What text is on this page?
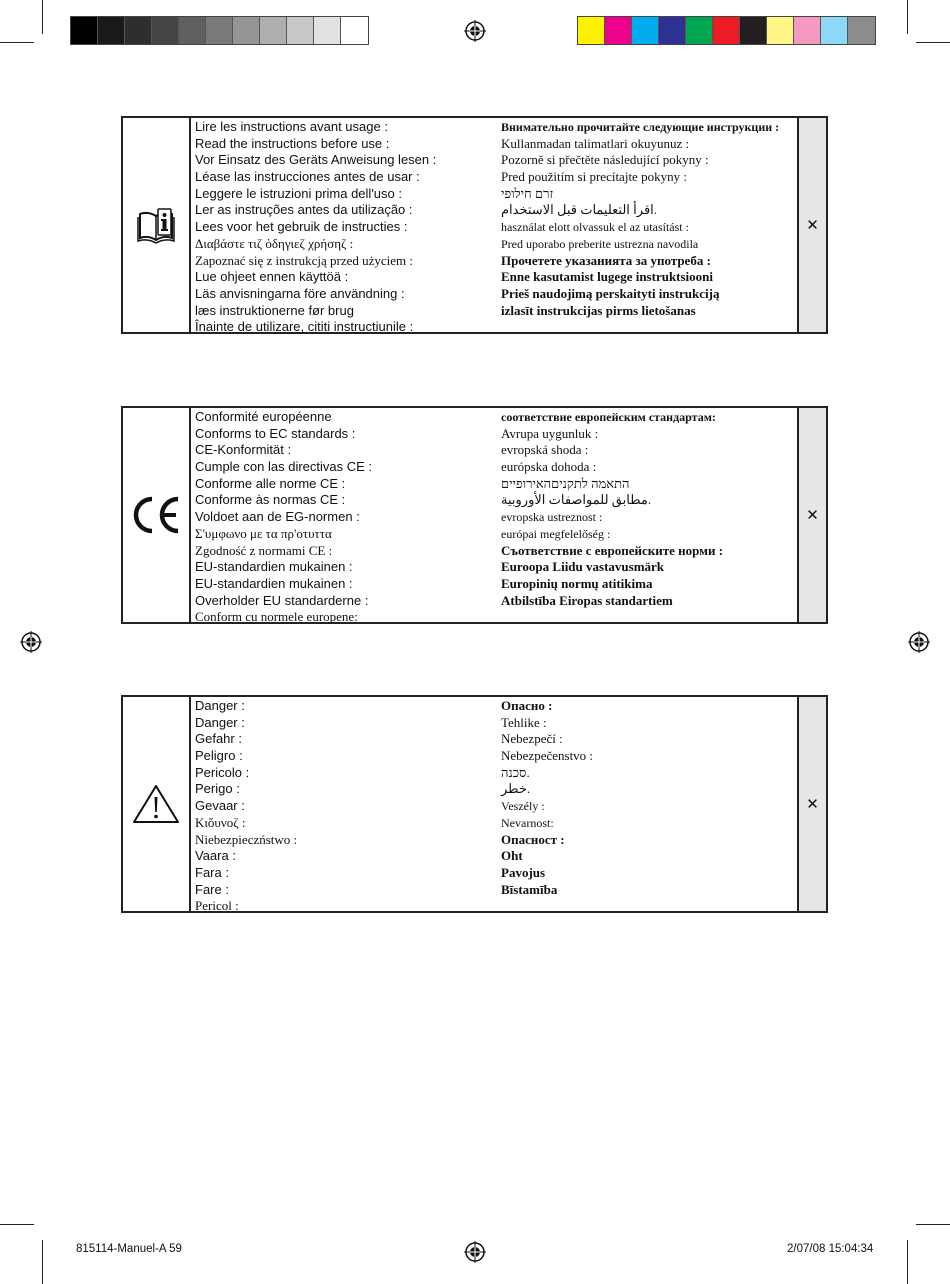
Lire les instructions avant usage :
Read the instructions before use :
Vor Einsatz des Geräts Anweisung lesen :
Léase las instrucciones antes de usar :
Leggere le istruzioni prima dell'uso :
Ler as instruções antes da utilização :
Lees voor het gebruik de instructies :
Διαβάστε τιζ ὁδηγιεζ χρήσηζ :
Zapoznać się z instrukcją przed użyciem :
Lue ohjeet ennen käyttöä :
Läs anvisningarna före användning :
læs instruktionerne før brug
Înainte de utilizare, cititi instructiunile :
Внимательно прочитайте следующие инструкции :
Kullanmadan talimatlari okuyunuz :
Pozorně si přečtěte následující pokyny :
Pred použitím si precítajte pokyny :
זרם חילופי
اقرأ التعليمات قبل الاستخدام.
használat elott olvassuk el az utasítást :
Pred uporabo preberite ustrezna navodila
Прочетете указанията за употреба :
Enne kasutamist lugege instruktsiooni
Prieš naudojimą perskaityti instrukciją
izlasīt instrukcijas pirms lietošanas
✕
Conformité européenne
Conforms to EC standards :
CE-Konformität :
Cumple con las directivas CE :
Conforme alle norme CE :
Conforme às normas CE :
Voldoet aan de EG-normen :
Σ'υμφωνο με τα πρ'οτυττα
Zgodność z normami CE :
EU-standardien mukainen :
EU-standardien mukainen :
Overholder EU standarderne :
Conform cu normele europene:
соответствие европейским стандартам:
Avrupa uygunluk :
evropská shoda :
európska dohoda :
התאמה לתקניםהאירופיים
مطابق للمواصفات الأوروبية.
evropska ustreznost :
európai megfelelőség :
Съответствие с европейските норми :
Euroopa Liidu vastavusmärk
Europinių normų atitikima
Atbilstība Eiropas standartiem
✕
Danger :
Danger :
Gefahr :
Peligro :
Pericolo :
Perigo :
Gevaar :
Κιὅυνοζ :
Niebezpieczństwo :
Vaara :
Fara :
Fare :
Pericol :
Опасно :
Tehlike :
Nebezpečí :
Nebezpečenstvo :
סכנה.
خطر.
Veszély :
Nevarnost:
Опасност :
Oht
Pavojus
Bīstamība
✕
815114-Manuel-A 59	2/07/08 15:04:34
